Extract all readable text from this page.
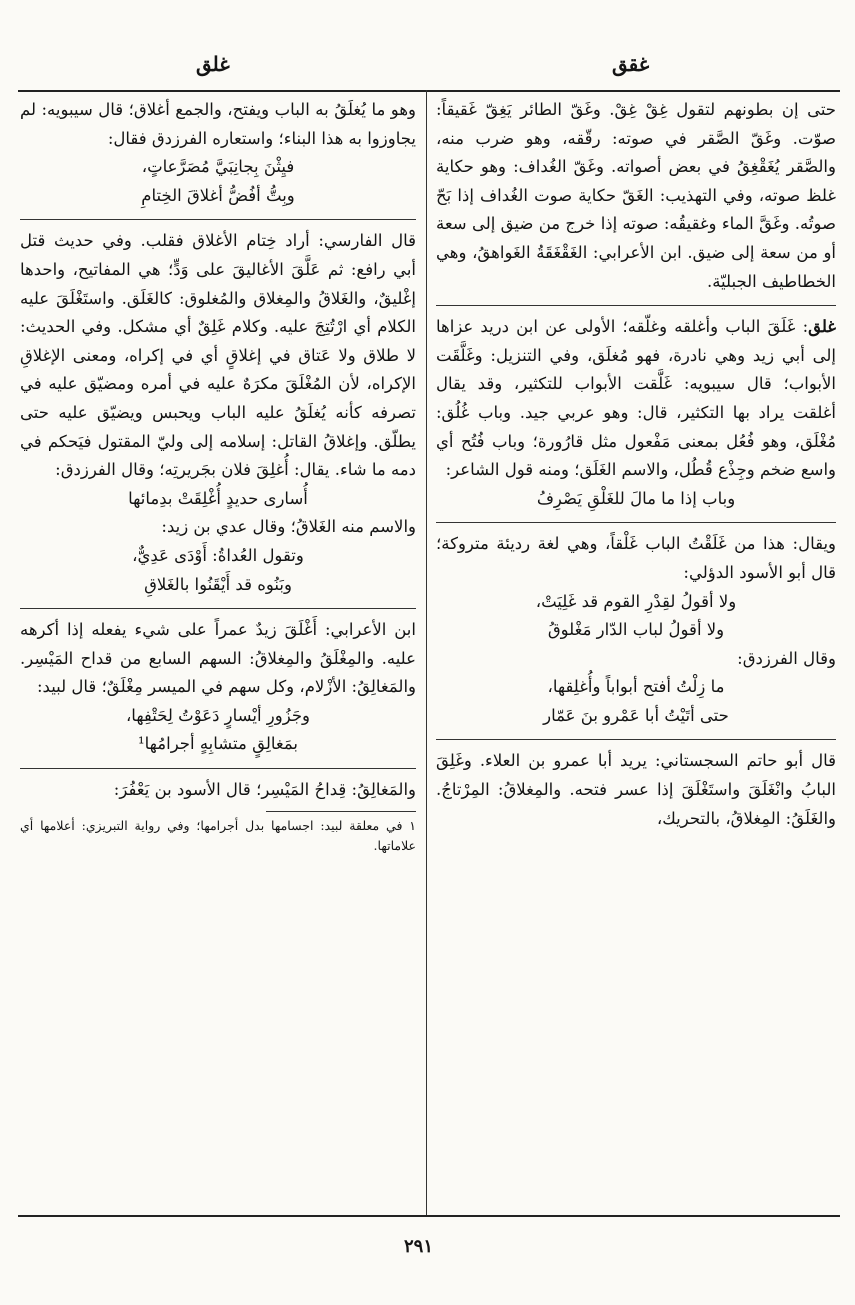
غقق
غلق

حتى إن بطونهم لتقول غِقْ غِقْ. وغَقّ الطائر يَغِقّ غَقيقاً: صوّت. وغَقّ الصَّقر في صوته: رقّقه، وهو ضرب منه، والصَّقر يُغَقْغِقُ في بعض أصواته. وغَقّ الغُداف: وهو حكاية غلظ صوته، وفي التهذيب: الغَقّ حكاية صوت الغُداف إذا بَحّ صوتُه. وغَقَّ الماء وغقيقُه: صوته إذا خرج من ضيق إلى سعة أو من سعة إلى ضيق. ابن الأعرابي: الغَقْغَقَةُ الغَواهقُ، وهي الخطاطيف الجبليّة.

غلق: غَلَقَ الباب وأغلقه وغلّقه؛ الأولى عن ابن دريد عزاها إلى أبي زيد وهي نادرة، فهو مُغلَق، وفي التنزيل: وغَلَّقَت الأبواب؛ قال سيبويه: غَلَّقت الأبواب للتكثير، وقد يقال أغلقت يراد بها التكثير، قال: وهو عربي جيد. وباب غُلُق: مُغْلَق، وهو فُعُل بمعنى مَفْعول مثل قارُورة؛ وباب فُتُح أي واسع ضخم وجِذْع قُطُل، والاسم الغَلَق؛ ومنه قول الشاعر:

وباب إذا ما مالَ للغَلْقِ يَصْرِفُ

ويقال: هذا من غَلَقْتُ الباب غَلْقاً، وهي لغة رديئة متروكة؛ قال أبو الأسود الدؤلي:

ولا أقولُ لقِدْرِ القوم قد غَلِيَتْ،

ولا أقولُ لباب الدّار مَغْلوقُ

وقال الفرزدق:

ما زِلْتُ أفتح أبواباً وأُغلِقها،

حتى أتَيْتُ أبا عَمْرو بنَ عَمّار

قال أبو حاتم السجستاني: يريد أبا عمرو بن العلاء. وغَلِقَ البابُ وانْغَلَقَ واستَغْلَقَ إذا عسر فتحه. والمِغلاقُ: المِرْتاجُ. والغَلَقُ: المِغلاقُ، بالتحريك،

وهو ما يُغلَقُ به الباب ويفتح، والجمع أغلاق؛ قال سيبويه: لم يجاوزوا به هذا البناء؛ واستعاره الفرزدق فقال:

فيِثْنَ بِجانِبَيَّ مُصَرَّعاتٍ،

وبِتُّ أفُضُّ أغلاقَ الخِتامِ

قال الفارسي: أراد خِتام الأغلاق فقلب. وفي حديث قتل أبي رافع: ثم عَلَّقَ الأغاليقَ على وَدٍّ؛ هي المفاتيح، واحدها إغْليقٌ، والغَلاقُ والمِغلاق والمُغلوق: كالغَلَق. واستَغْلَقَ عليه الكلام أي ارْتُتِجَ عليه. وكلام غَلِقٌ أي مشكل. وفي الحديث: لا طلاق ولا عَتاق في إغلاقٍ أي في إكراه، ومعنى الإغلاقِ الإكراه، لأن المُغْلَقَ مكرَهٌ عليه في أمره ومضيّق عليه في تصرفه كأنه يُغلَقُ عليه الباب ويحبس ويضيّق عليه حتى يطلّق. وإغلاقُ القاتل: إسلامه إلى وليّ المقتول فيَحكم في دمه ما شاء. يقال: أُغلِقَ فلان بجَريرتِه؛ وقال الفرزدق:

أُسارى حديدٍ أُغْلِقَتْ بدِمائها

والاسم منه الغَلاقُ؛ وقال عدي بن زيد:

وتقول العُداةُ: أَوْدَى عَدِيٌّ،

وبَنُوه قد أَيْقَنُوا بالغَلاقِ

ابن الأعرابي: أَغْلَقَ زيدٌ عمراً على شيء يفعله إذا أكرهه عليه. والمِغْلَقُ والمِغلاقُ: السهم السابع من قداح المَيْسِر. والمَغالِقُ: الأزْلام، وكل سهم في الميسر مِغْلَقٌ؛ قال لبيد:

وجَزُورِ أيْسارٍ دَعَوْتُ لِحَتْفِها،

بمَغالِقٍ متشابِهٍ أجرامُها¹

والمَغالِقُ: قِداحُ المَيْسِر؛ قال الأسود بن يَعْفُرَ:

١ في معلقة لبيد: اجسامها بدل أجرامها؛ وفي رواية التبريزي: أعلامها أي علاماتها.

٢٩١
